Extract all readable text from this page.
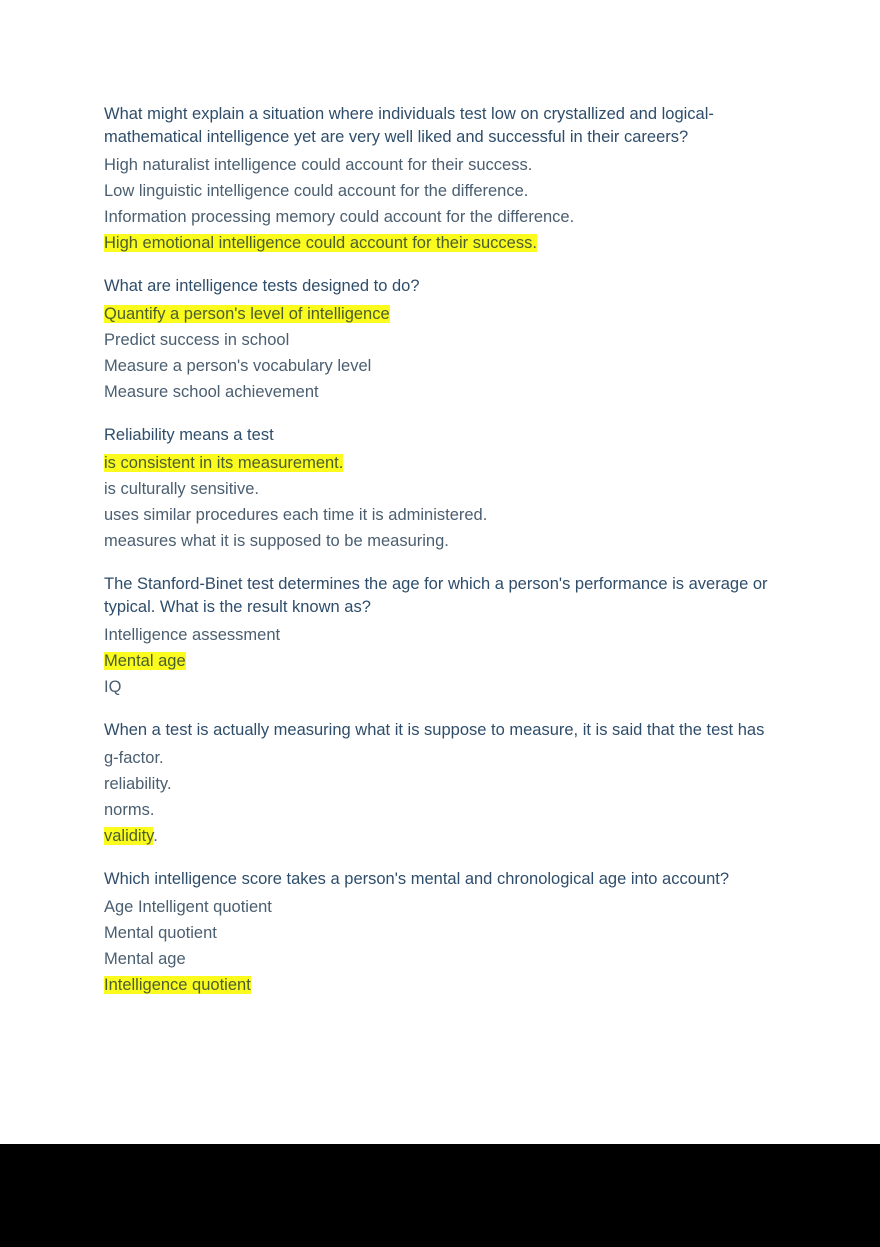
What might explain a situation where individuals test low on crystallized and logical-mathematical intelligence yet are very well liked and successful in their careers?
High naturalist intelligence could account for their success.
Low linguistic intelligence could account for the difference.
Information processing memory could account for the difference.
High emotional intelligence could account for their success.
What are intelligence tests designed to do?
Quantify a person's level of intelligence
Predict success in school
Measure a person's vocabulary level
Measure school achievement
Reliability means a test
is consistent in its measurement.
is culturally sensitive.
uses similar procedures each time it is administered.
measures what it is supposed to be measuring.
The Stanford-Binet test determines the age for which a person's performance is average or typical. What is the result known as?
Intelligence assessment
Mental age
IQ
When a test is actually measuring what it is suppose to measure, it is said that the test has
g-factor.
reliability.
norms.
validity.
Which intelligence score takes a person's mental and chronological age into account?
Age Intelligent quotient
Mental quotient
Mental age
Intelligence quotient
